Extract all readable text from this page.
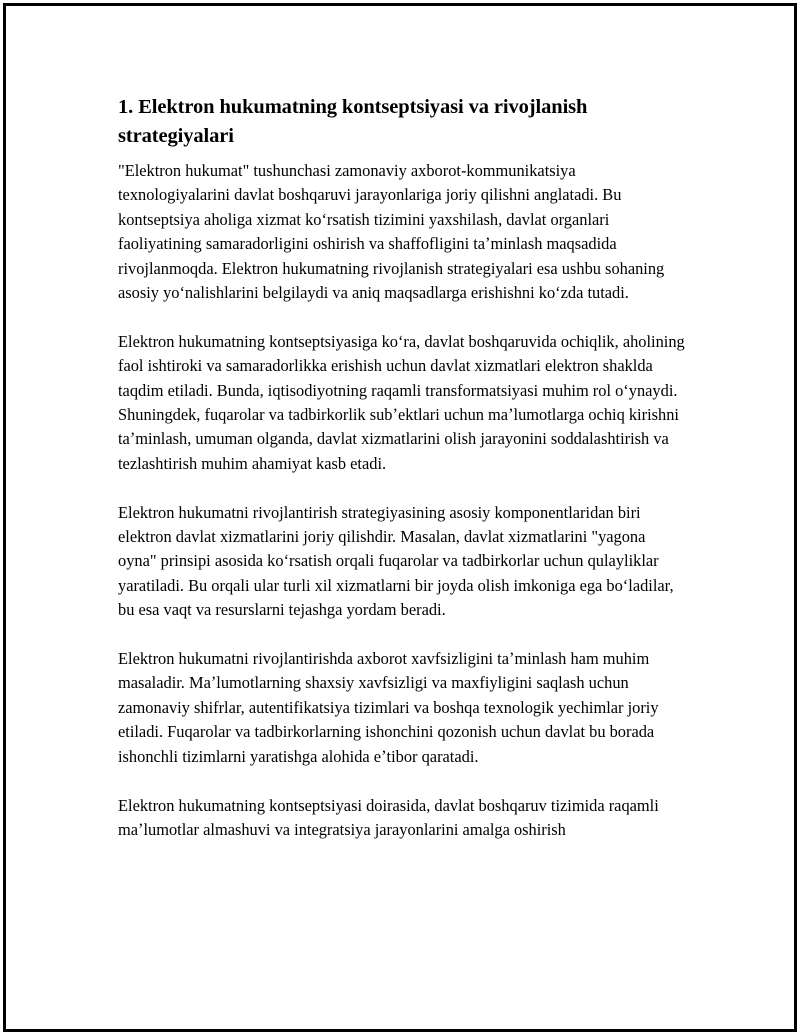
1. Elektron hukumatning kontseptsiyasi va rivojlanish strategiyalari

"Elektron hukumat" tushunchasi zamonaviy axborot-kommunikatsiya texnologiyalarini davlat boshqaruvi jarayonlariga joriy qilishni anglatadi. Bu kontseptsiya aholiga xizmat koʻrsatish tizimini yaxshilash, davlat organlari faoliyatining samaradorligini oshirish va shaffofligini taʼminlash maqsadida rivojlanmoqda. Elektron hukumatning rivojlanish strategiyalari esa ushbu sohaning asosiy yoʻnalishlarini belgilaydi va aniq maqsadlarga erishishni koʻzda tutadi.

Elektron hukumatning kontseptsiyasiga koʻra, davlat boshqaruvida ochiqlik, aholining faol ishtiroki va samaradorlikka erishish uchun davlat xizmatlari elektron shaklda taqdim etiladi. Bunda, iqtisodiyotning raqamli transformatsiyasi muhim rol oʻynaydi. Shuningdek, fuqarolar va tadbirkorlik subʼektlari uchun maʼlumotlarga ochiq kirishni taʼminlash, umuman olganda, davlat xizmatlarini olish jarayonini soddalashtirish va tezlashtirish muhim ahamiyat kasb etadi.

Elektron hukumatni rivojlantirish strategiyasining asosiy komponentlaridan biri elektron davlat xizmatlarini joriy qilishdir. Masalan, davlat xizmatlarini "yagona oyna" prinsipi asosida koʻrsatish orqali fuqarolar va tadbirkorlar uchun qulayliklar yaratiladi. Bu orqali ular turli xil xizmatlarni bir joyda olish imkoniga ega boʻladilar, bu esa vaqt va resurslarni tejashga yordam beradi.

Elektron hukumatni rivojlantirishda axborot xavfsizligini taʼminlash ham muhim masaladir. Maʼlumotlarning shaxsiy xavfsizligi va maxfiyligini saqlash uchun zamonaviy shifrlar, autentifikatsiya tizimlari va boshqa texnologik yechimlar joriy etiladi. Fuqarolar va tadbirkorlarning ishonchini qozonish uchun davlat bu borada ishonchli tizimlarni yaratishga alohida eʼtibor qaratadi.

Elektron hukumatning kontseptsiyasi doirasida, davlat boshqaruv tizimida raqamli maʼlumotlar almashuvi va integratsiya jarayonlarini amalga oshirish
